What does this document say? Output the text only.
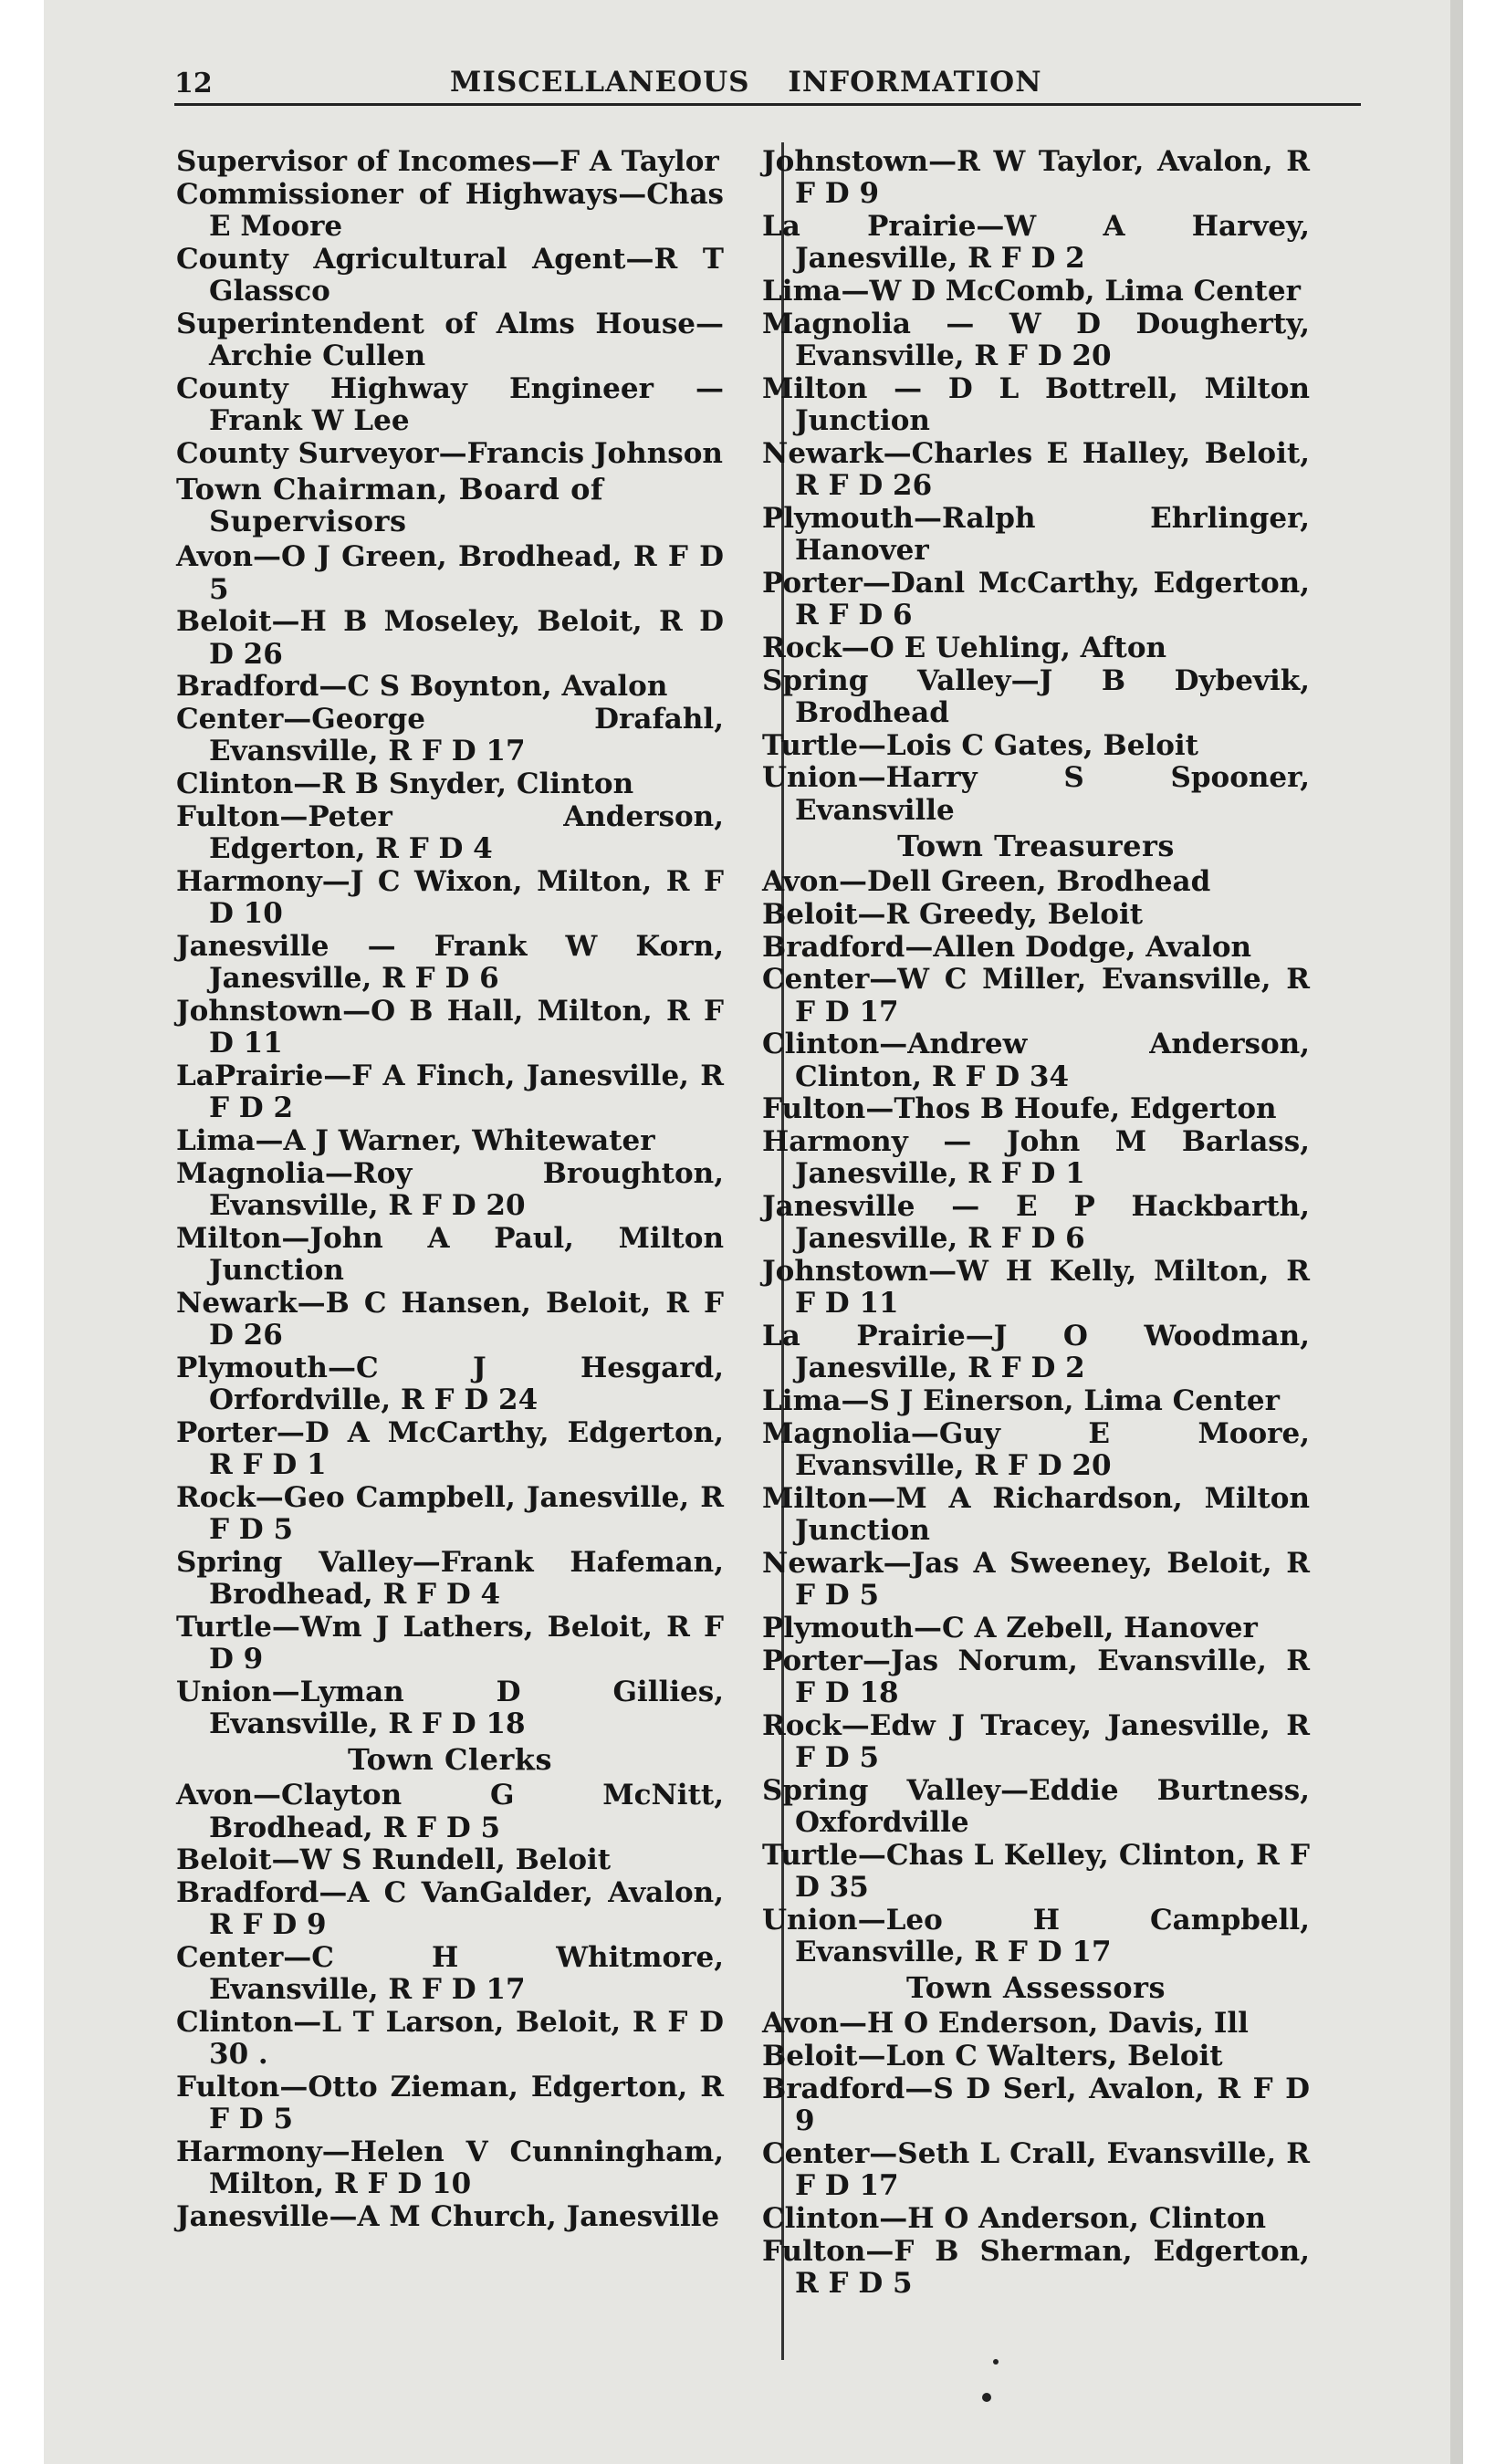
12	MISCELLANEOUS INFORMATION

Supervisor of Incomes—F A Taylor

Commissioner of Highways—Chas E Moore

County Agricultural Agent—R T Glassco

Superintendent of Alms House—Archie Cullen

County Highway Engineer — Frank W Lee

County Surveyor—Francis Johnson

Town Chairman, Board of Supervisors

Avon—O J Green, Brodhead, R F D 5

Beloit—H B Moseley, Beloit, R D D 26

Bradford—C S Boynton, Avalon

Center—George Drafahl, Evansville, R F D 17

Clinton—R B Snyder, Clinton

Fulton—Peter Anderson, Edgerton, R F D 4

Harmony—J C Wixon, Milton, R F D 10

Janesville — Frank W Korn, Janesville, R F D 6

Johnstown—O B Hall, Milton, R F D 11

LaPrairie—F A Finch, Janesville, R F D 2

Lima—A J Warner, Whitewater

Magnolia—Roy Broughton, Evansville, R F D 20

Milton—John A Paul, Milton Junction

Newark—B C Hansen, Beloit, R F D 26

Plymouth—C J Hesgard, Orfordville, R F D 24

Porter—D A McCarthy, Edgerton, R F D 1

Rock—Geo Campbell, Janesville, R F D 5

Spring Valley—Frank Hafeman, Brodhead, R F D 4

Turtle—Wm J Lathers, Beloit, R F D 9

Union—Lyman D Gillies, Evansville, R F D 18

Town Clerks

Avon—Clayton G McNitt, Brodhead, R F D 5

Beloit—W S Rundell, Beloit

Bradford—A C VanGalder, Avalon, R F D 9

Center—C H Whitmore, Evansville, R F D 17

Clinton—L T Larson, Beloit, R F D 30 .

Fulton—Otto Zieman, Edgerton, R F D 5

Harmony—Helen V Cunningham, Milton, R F D 10

Janesville—A M Church, Janesville

Johnstown—R W Taylor, Avalon, R F D 9

La Prairie—W A Harvey, Janesville, R F D 2

Lima—W D McComb, Lima Center

Magnolia — W D Dougherty, Evansville, R F D 20

Milton — D L Bottrell, Milton Junction

Newark—Charles E Halley, Beloit, R F D 26

Plymouth—Ralph Ehrlinger, Hanover

Porter—Danl McCarthy, Edgerton, R F D 6

Rock—O E Uehling, Afton

Spring Valley—J B Dybevik, Brodhead

Turtle—Lois C Gates, Beloit

Union—Harry S Spooner, Evansville

Town Treasurers

Avon—Dell Green, Brodhead

Beloit—R Greedy, Beloit

Bradford—Allen Dodge, Avalon

Center—W C Miller, Evansville, R F D 17

Clinton—Andrew Anderson, Clinton, R F D 34

Fulton—Thos B Houfe, Edgerton

Harmony — John M Barlass, Janesville, R F D 1

Janesville — E P Hackbarth, Janesville, R F D 6

Johnstown—W H Kelly, Milton, R F D 11

La Prairie—J O Woodman, Janesville, R F D 2

Lima—S J Einerson, Lima Center

Magnolia—Guy E Moore, Evansville, R F D 20

Milton—M A Richardson, Milton Junction

Newark—Jas A Sweeney, Beloit, R F D 5

Plymouth—C A Zebell, Hanover

Porter—Jas Norum, Evansville, R F D 18

Rock—Edw J Tracey, Janesville, R F D 5

Spring Valley—Eddie Burtness, Oxfordville

Turtle—Chas L Kelley, Clinton, R F D 35

Union—Leo H Campbell, Evansville, R F D 17

Town Assessors

Avon—H O Enderson, Davis, Ill

Beloit—Lon C Walters, Beloit

Bradford—S D Serl, Avalon, R F D 9

Center—Seth L Crall, Evansville, R F D 17

Clinton—H O Anderson, Clinton

Fulton—F B Sherman, Edgerton, R F D 5
